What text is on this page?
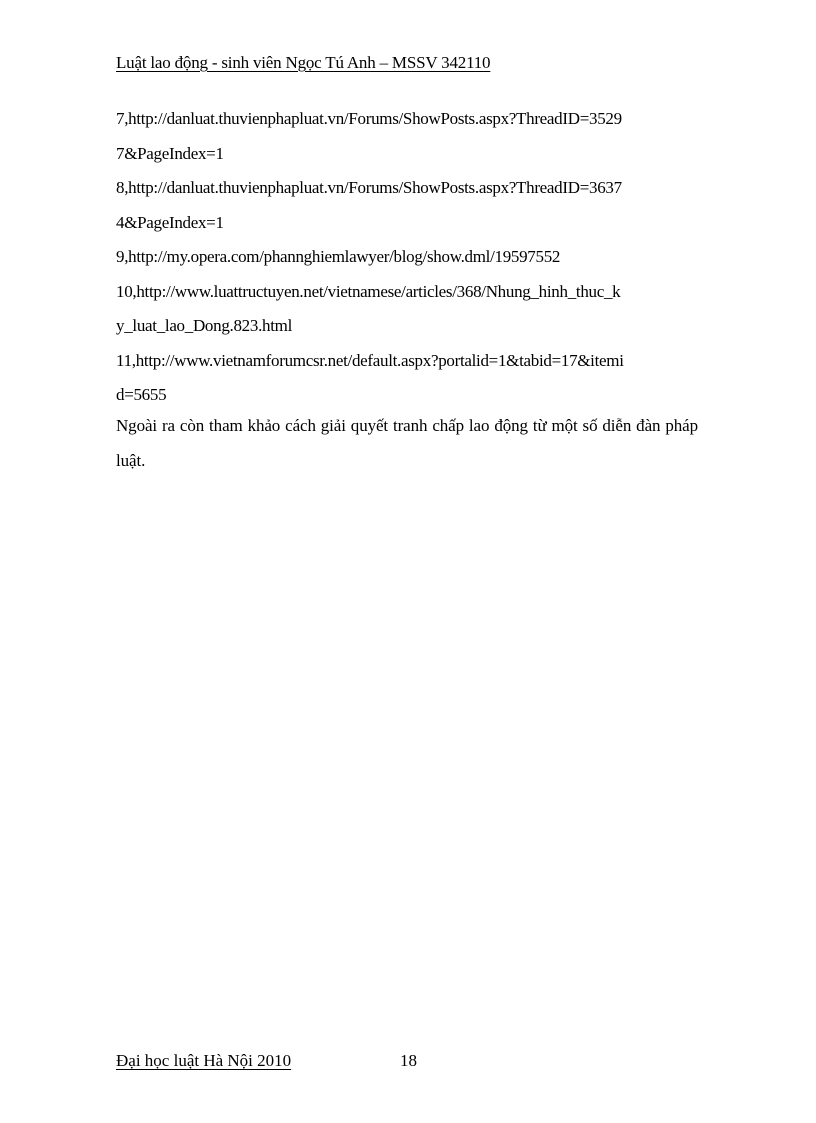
Luật lao động - sinh viên Ngọc Tú Anh – MSSV 342110
7,http://danluat.thuvienphapluat.vn/Forums/ShowPosts.aspx?ThreadID=3529
7&PageIndex=1
8,http://danluat.thuvienphapluat.vn/Forums/ShowPosts.aspx?ThreadID=3637
4&PageIndex=1
9,http://my.opera.com/phannghiemlawyer/blog/show.dml/19597552
10,http://www.luattructuyen.net/vietnamese/articles/368/Nhung_hinh_thuc_k
y_luat_lao_Dong.823.html
11,http://www.vietnamforumcsr.net/default.aspx?portalid=1&tabid=17&itemi
d=5655

Ngoài ra còn tham khảo cách giải quyết tranh chấp lao động từ một số diễn đàn pháp luật.

Đại học luật Hà Nội 2010	18
